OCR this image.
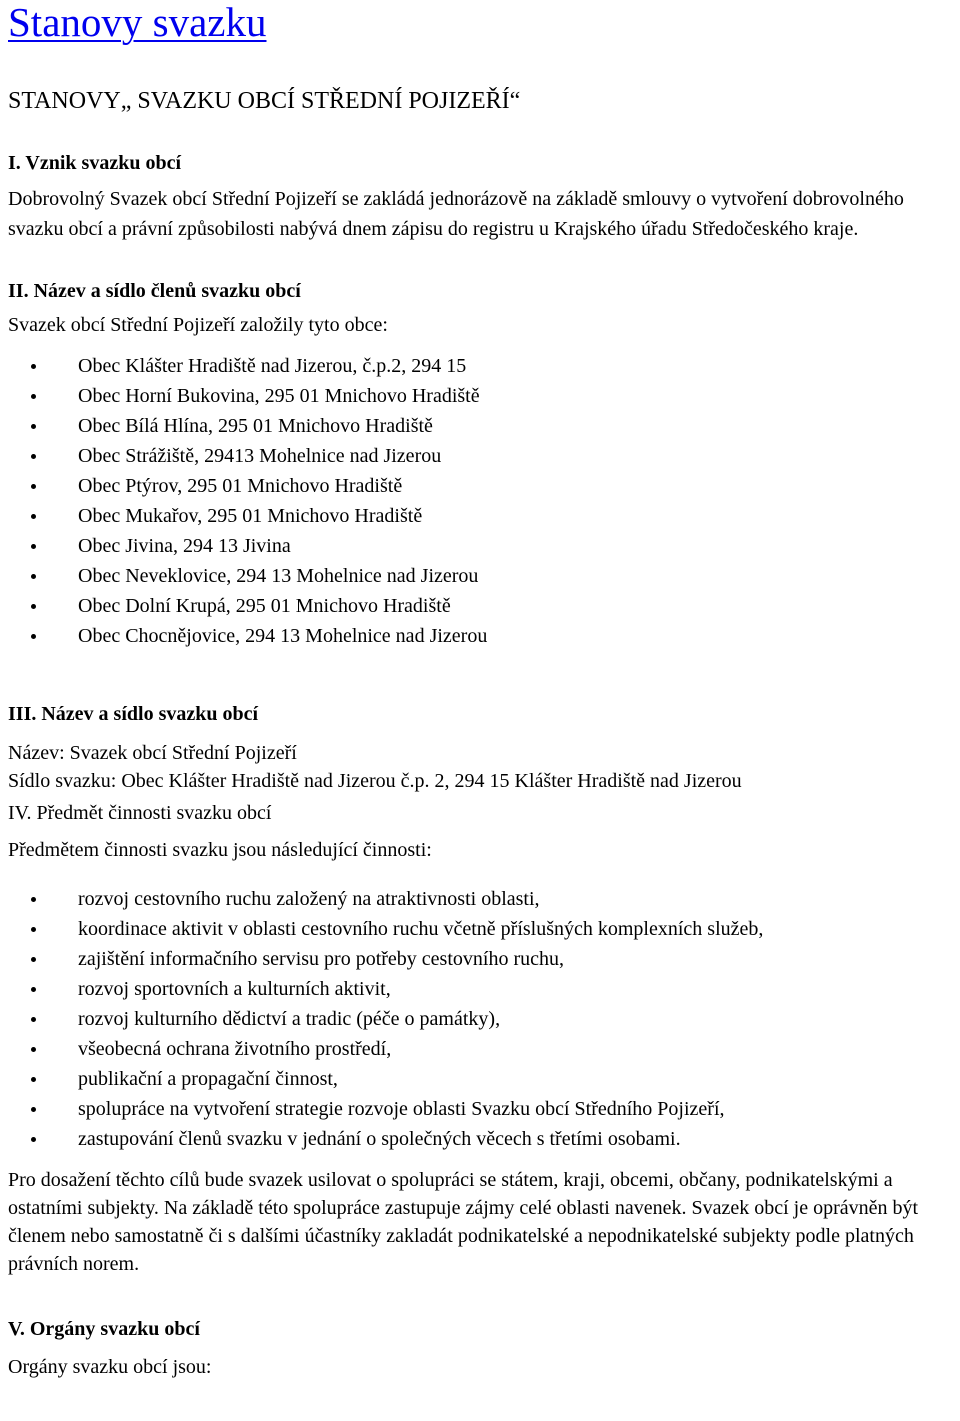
Stanovy svazku
STANOVY„ SVAZKU OBCÍ STŘEDNÍ POJIZEŘÍ“
I. Vznik svazku obcí

Dobrovolný Svazek obcí Střední Pojizeří se zakládá jednorázově na základě smlouvy o vytvoření dobrovolného svazku obcí a právní způsobilosti nabývá dnem zápisu do registru u Krajského úřadu Středočeského kraje.

II. Název a sídlo členů svazku obcí

Svazek obcí Střední Pojizeří založily tyto obce:

Obec Klášter Hradiště nad Jizerou, č.p.2, 294 15
Obec Horní Bukovina, 295 01 Mnichovo Hradiště
Obec Bílá Hlína, 295 01 Mnichovo Hradiště
Obec Strážiště, 29413 Mohelnice nad Jizerou
Obec Ptýrov, 295 01 Mnichovo Hradiště
Obec Mukařov, 295 01 Mnichovo Hradiště
Obec Jivina, 294 13 Jivina
Obec Neveklovice, 294 13 Mohelnice nad Jizerou
Obec Dolní Krupá, 295 01 Mnichovo Hradiště
Obec Chocnějovice, 294 13 Mohelnice nad Jizerou
III. Název a sídlo svazku obcí

Název: Svazek obcí Střední Pojizeří

Sídlo svazku: Obec Klášter Hradiště nad Jizerou č.p. 2, 294 15 Klášter Hradiště nad Jizerou

IV. Předmět činnosti svazku obcí

Předmětem činnosti svazku jsou následující činnosti:

rozvoj cestovního ruchu založený na atraktivnosti oblasti,
koordinace aktivit v oblasti cestovního ruchu včetně příslušných komplexních služeb,
zajištění informačního servisu pro potřeby cestovního ruchu,
rozvoj sportovních a kulturních aktivit,
rozvoj kulturního dědictví a tradic (péče o památky),
všeobecná ochrana životního prostředí,
publikační a propagační činnost,
spolupráce na vytvoření strategie rozvoje oblasti Svazku obcí Středního Pojizeří,
zastupování členů svazku v jednání o společných věcech s třetími osobami.

Pro dosažení těchto cílů bude svazek usilovat o spolupráci se státem, kraji, obcemi, občany, podnikatelskými a ostatními subjekty. Na základě této spolupráce zastupuje zájmy celé oblasti navenek. Svazek obcí je oprávněn být členem nebo samostatně či s dalšími účastníky zakladát podnikatelské a nepodnikatelské subjekty podle platných právních norem.

V. Orgány svazku obcí

Orgány svazku obcí jsou:
